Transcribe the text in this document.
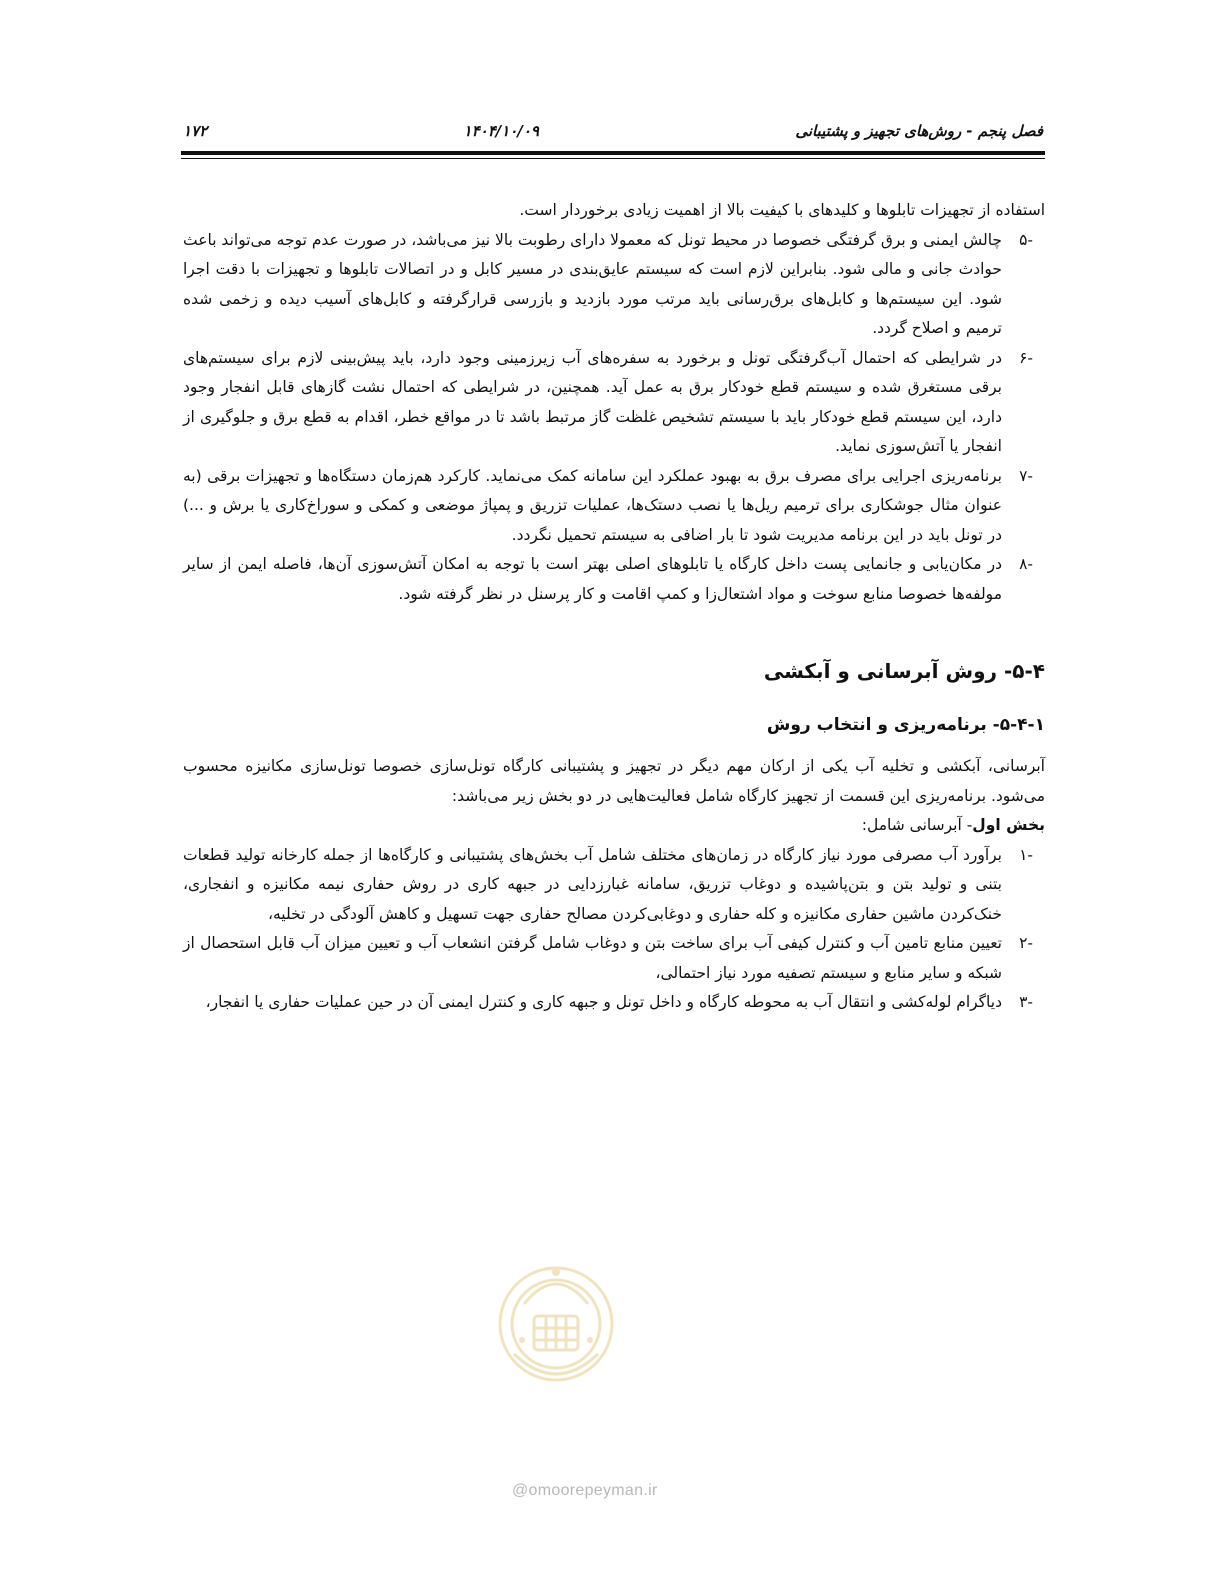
فصل پنجم - روش‌های تجهیز و پشتیبانی
۱۴۰۴/۱۰/۰۹
۱۷۲

استفاده از تجهیزات تابلوها و کلیدهای با کیفیت بالا از اهمیت زیادی برخوردار است.

-۵
چالش ایمنی و برق گرفتگی خصوصا در محیط تونل که معمولا دارای رطوبت بالا نیز می‌باشد، در صورت عدم توجه می‌تواند باعث حوادث جانی و مالی شود. بنابراین لازم است که سیستم عایق‌بندی در مسیر کابل و در اتصالات تابلوها و تجهیزات با دقت اجرا شود. این سیستم‌ها و کابل‌های برق‌رسانی باید مرتب مورد بازدید و بازرسی قرارگرفته و کابل‌های آسیب دیده و زخمی شده ترمیم و اصلاح گردد.
-۶
در شرایطی که احتمال آب‌گرفتگی تونل و برخورد به سفره‌های آب زیرزمینی وجود دارد، باید پیش‌بینی لازم برای سیستم‌های برقی مستغرق شده و سیستم قطع خودکار برق به عمل آید. همچنین، در شرایطی که احتمال نشت گازهای قابل انفجار وجود دارد، این سیستم قطع خودکار باید با سیستم تشخیص غلظت گاز مرتبط باشد تا در مواقع خطر، اقدام به قطع برق و جلوگیری از انفجار یا آتش‌سوزی نماید.
-۷
برنامه‌ریزی اجرایی برای مصرف برق به بهبود عملکرد این سامانه کمک می‌نماید. کارکرد هم‌زمان دستگاه‌ها و تجهیزات برقی (به عنوان مثال جوشکاری برای ترمیم ریل‌ها یا نصب دستک‌ها، عملیات تزریق و پمپاژ موضعی و کمکی و سوراخ‌کاری یا برش و ...) در تونل باید در این برنامه مدیریت شود تا بار اضافی به سیستم تحمیل نگردد.
-۸
در مکان‌یابی و جانمایی پست داخل کارگاه یا تابلوهای اصلی بهتر است با توجه به امکان آتش‌سوزی آن‌ها، فاصله ایمن از سایر مولفه‌ها خصوصا منابع سوخت و مواد اشتعال‌زا و کمپ اقامت و کار پرسنل در نظر گرفته شود.
۵-۴- روش آبرسانی و آبکشی
۵-۴-۱- برنامه‌ریزی و انتخاب روش

آبرسانی، آبکشی و تخلیه آب یکی از ارکان مهم دیگر در تجهیز و پشتیبانی کارگاه تونل‌سازی خصوصا تونل‌سازی مکانیزه محسوب می‌شود. برنامه‌ریزی این قسمت از تجهیز کارگاه شامل فعالیت‌هایی در دو بخش زیر می‌باشد:

بخش اول- آبرسانی شامل:

-۱
برآورد آب مصرفی مورد نیاز کارگاه در زمان‌های مختلف شامل آب بخش‌های پشتیبانی و کارگاه‌ها از جمله کارخانه تولید قطعات بتنی و تولید بتن و بتن‌پاشیده و دوغاب تزریق، سامانه غبارزدایی در جبهه کاری در روش حفاری نیمه مکانیزه و انفجاری، خنک‌کردن ماشین حفاری مکانیزه و کله حفاری و دوغابی‌کردن مصالح حفاری جهت تسهیل و کاهش آلودگی در تخلیه،
-۲
تعیین منابع تامین آب و کنترل کیفی آب برای ساخت بتن و دوغاب شامل گرفتن انشعاب آب و تعیین میزان آب قابل استحصال از شبکه و سایر منابع و سیستم تصفیه مورد نیاز احتمالی،
-۳
دیاگرام لوله‌کشی و انتقال آب به محوطه کارگاه و داخل تونل و جبهه کاری و کنترل ایمنی آن در حین عملیات حفاری یا انفجار،
@omoorepeyman.ir
